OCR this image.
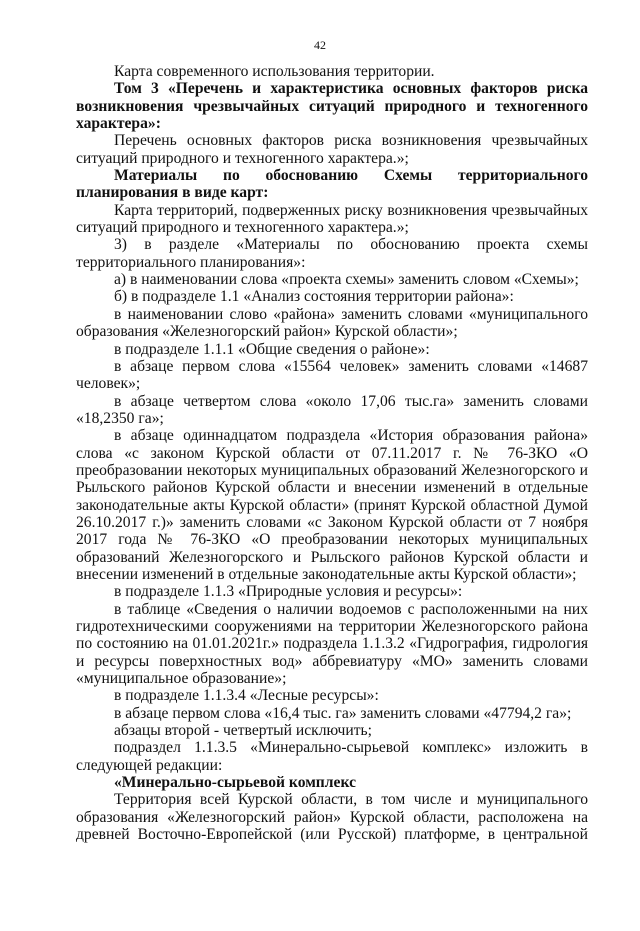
42

Карта современного использования территории.

Том 3 «Перечень и характеристика основных факторов риска возникновения чрезвычайных ситуаций природного и техногенного характера»:

Перечень основных факторов риска возникновения чрезвычайных ситуаций природного и техногенного характера.»;

Материалы по обоснованию Схемы территориального планирования в виде карт:

Карта территорий, подверженных риску возникновения чрезвычайных ситуаций природного и техногенного характера.»;

3) в разделе «Материалы по обоснованию проекта схемы территориального планирования»:

а) в наименовании слова «проекта схемы» заменить словом «Схемы»;

б) в подразделе 1.1 «Анализ состояния территории района»:

в наименовании слово «района» заменить словами «муниципального образования «Железногорский район» Курской области»;

в подразделе 1.1.1 «Общие сведения о районе»:

в абзаце первом слова «15564 человек» заменить словами «14687 человек»;

в абзаце четвертом слова «около 17,06 тыс.га» заменить словами «18,2350 га»;

в абзаце одиннадцатом подраздела «История образования района» слова «с законом Курской области от 07.11.2017 г. № 76-ЗКО «О преобразовании некоторых муниципальных образований Железногорского и Рыльского районов Курской области и внесении изменений в отдельные законодательные акты Курской области» (принят Курской областной Думой 26.10.2017 г.)» заменить словами «с Законом Курской области от 7 ноября 2017 года № 76-ЗКО «О преобразовании некоторых муниципальных образований Железногорского и Рыльского районов Курской области и внесении изменений в отдельные законодательные акты Курской области»;

в подразделе 1.1.3 «Природные условия и ресурсы»:

в таблице «Сведения о наличии водоемов с расположенными на них гидротехническими сооружениями на территории Железногорского района по состоянию на 01.01.2021г.» подраздела 1.1.3.2 «Гидрография, гидрология и ресурсы поверхностных вод» аббревиатуру «МО» заменить словами «муниципальное образование»;

в подразделе 1.1.3.4 «Лесные ресурсы»:

в абзаце первом слова «16,4 тыс. га» заменить словами «47794,2 га»;

абзацы второй - четвертый исключить;

подраздел 1.1.3.5 «Минерально-сырьевой комплекс» изложить в следующей редакции:

«Минерально-сырьевой комплекс

Территория всей Курской области, в том числе и муниципального образования «Железногорский район» Курской области, расположена на древней Восточно-Европейской (или Русской) платформе, в центральной
